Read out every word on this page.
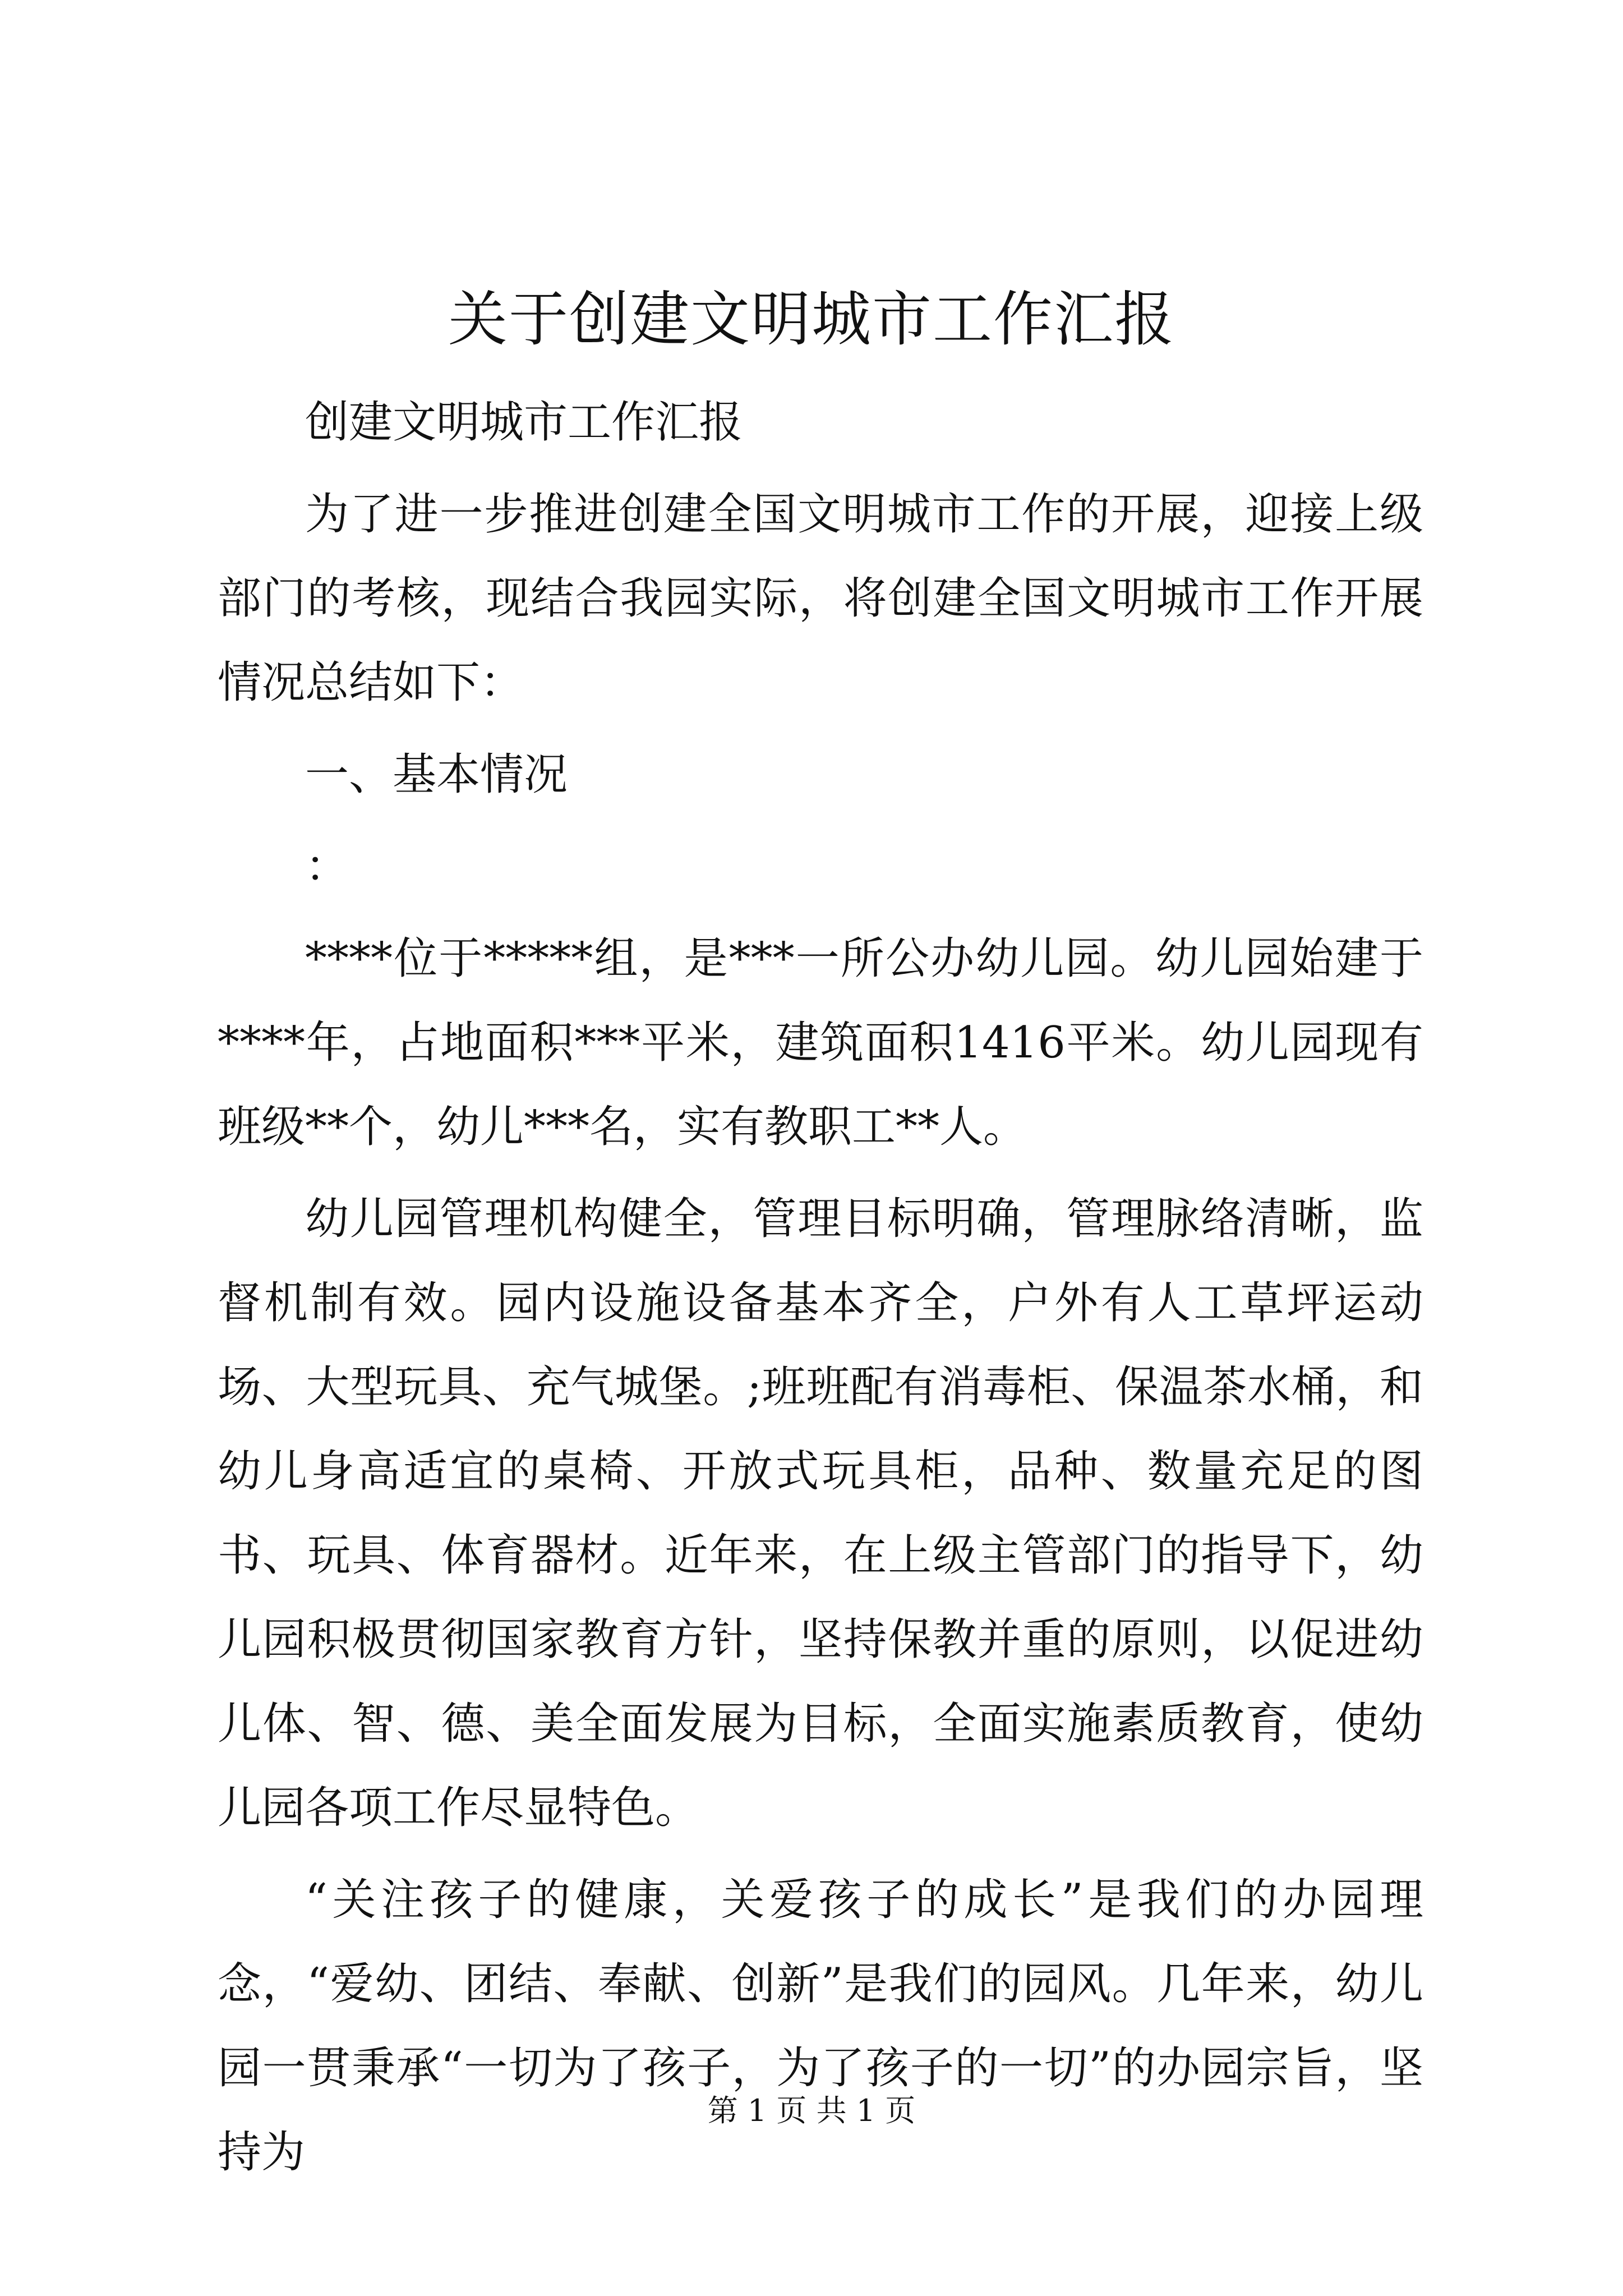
关于创建文明城市工作汇报

创建文明城市工作汇报

为了进一步推进创建全国文明城市工作的开展，迎接上级部门的考核，现结合我园实际，将创建全国文明城市工作开展情况总结如下：

一、基本情况

：

****位于*****组，是***一所公办幼儿园。幼儿园始建于****年，占地面积***平米，建筑面积1416平米。幼儿园现有班级**个，幼儿***名，实有教职工**人。

幼儿园管理机构健全，管理目标明确，管理脉络清晰，监督机制有效。园内设施设备基本齐全，户外有人工草坪运动场、大型玩具、充气城堡。;班班配有消毒柜、保温茶水桶，和幼儿身高适宜的桌椅、开放式玩具柜，品种、数量充足的图书、玩具、体育器材。近年来，在上级主管部门的指导下，幼儿园积极贯彻国家教育方针，坚持保教并重的原则，以促进幼儿体、智、德、美全面发展为目标，全面实施素质教育，使幼儿园各项工作尽显特色。

“关注孩子的健康，关爱孩子的成长”是我们的办园理念，“爱幼、团结、奉献、创新”是我们的园风。几年来，幼儿园一贯秉承“一切为了孩子，为了孩子的一切”的办园宗旨，坚持为

第 1 页 共 1 页
